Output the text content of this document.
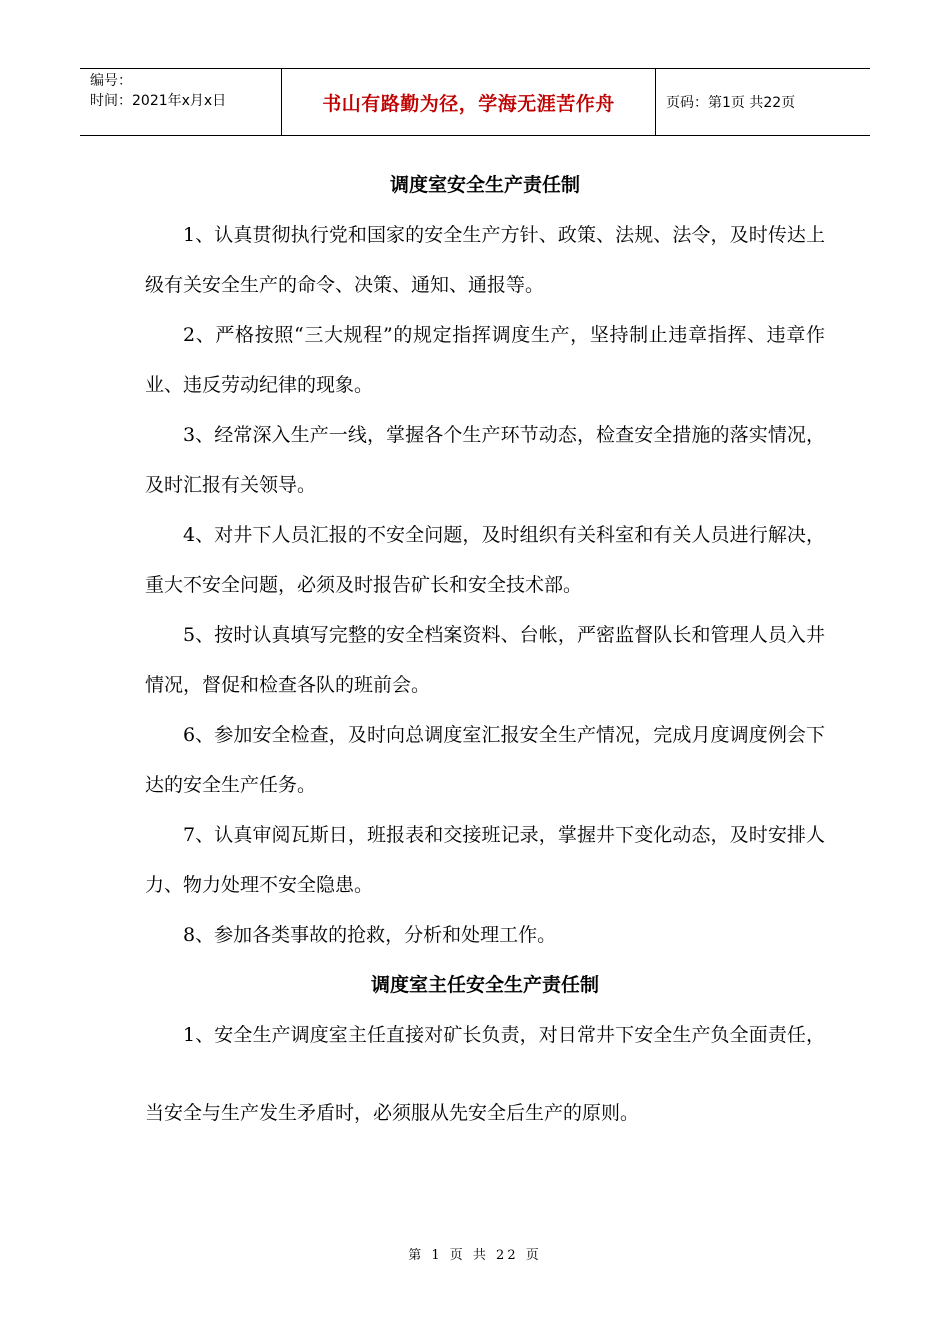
编号：
时间：2021年x月x日	书山有路勤为径，学海无涯苦作舟	页码：第1页 共22页
调度室安全生产责任制

1、认真贯彻执行党和国家的安全生产方针、政策、法规、法令，及时传达上级有关安全生产的命令、决策、通知、通报等。

2、严格按照“三大规程”的规定指挥调度生产，坚持制止违章指挥、违章作业、违反劳动纪律的现象。

3、经常深入生产一线，掌握各个生产环节动态，检查安全措施的落实情况，及时汇报有关领导。

4、对井下人员汇报的不安全问题，及时组织有关科室和有关人员进行解决，重大不安全问题，必须及时报告矿长和安全技术部。

5、按时认真填写完整的安全档案资料、台帐，严密监督队长和管理人员入井情况，督促和检查各队的班前会。

6、参加安全检查，及时向总调度室汇报安全生产情况，完成月度调度例会下达的安全生产任务。

7、认真审阅瓦斯日，班报表和交接班记录，掌握井下变化动态，及时安排人力、物力处理不安全隐患。

8、参加各类事故的抢救，分析和处理工作。

调度室主任安全生产责任制

1、安全生产调度室主任直接对矿长负责，对日常井下安全生产负全面责任，当安全与生产发生矛盾时，必须服从先安全后生产的原则。

第 1 页 共 22 页
